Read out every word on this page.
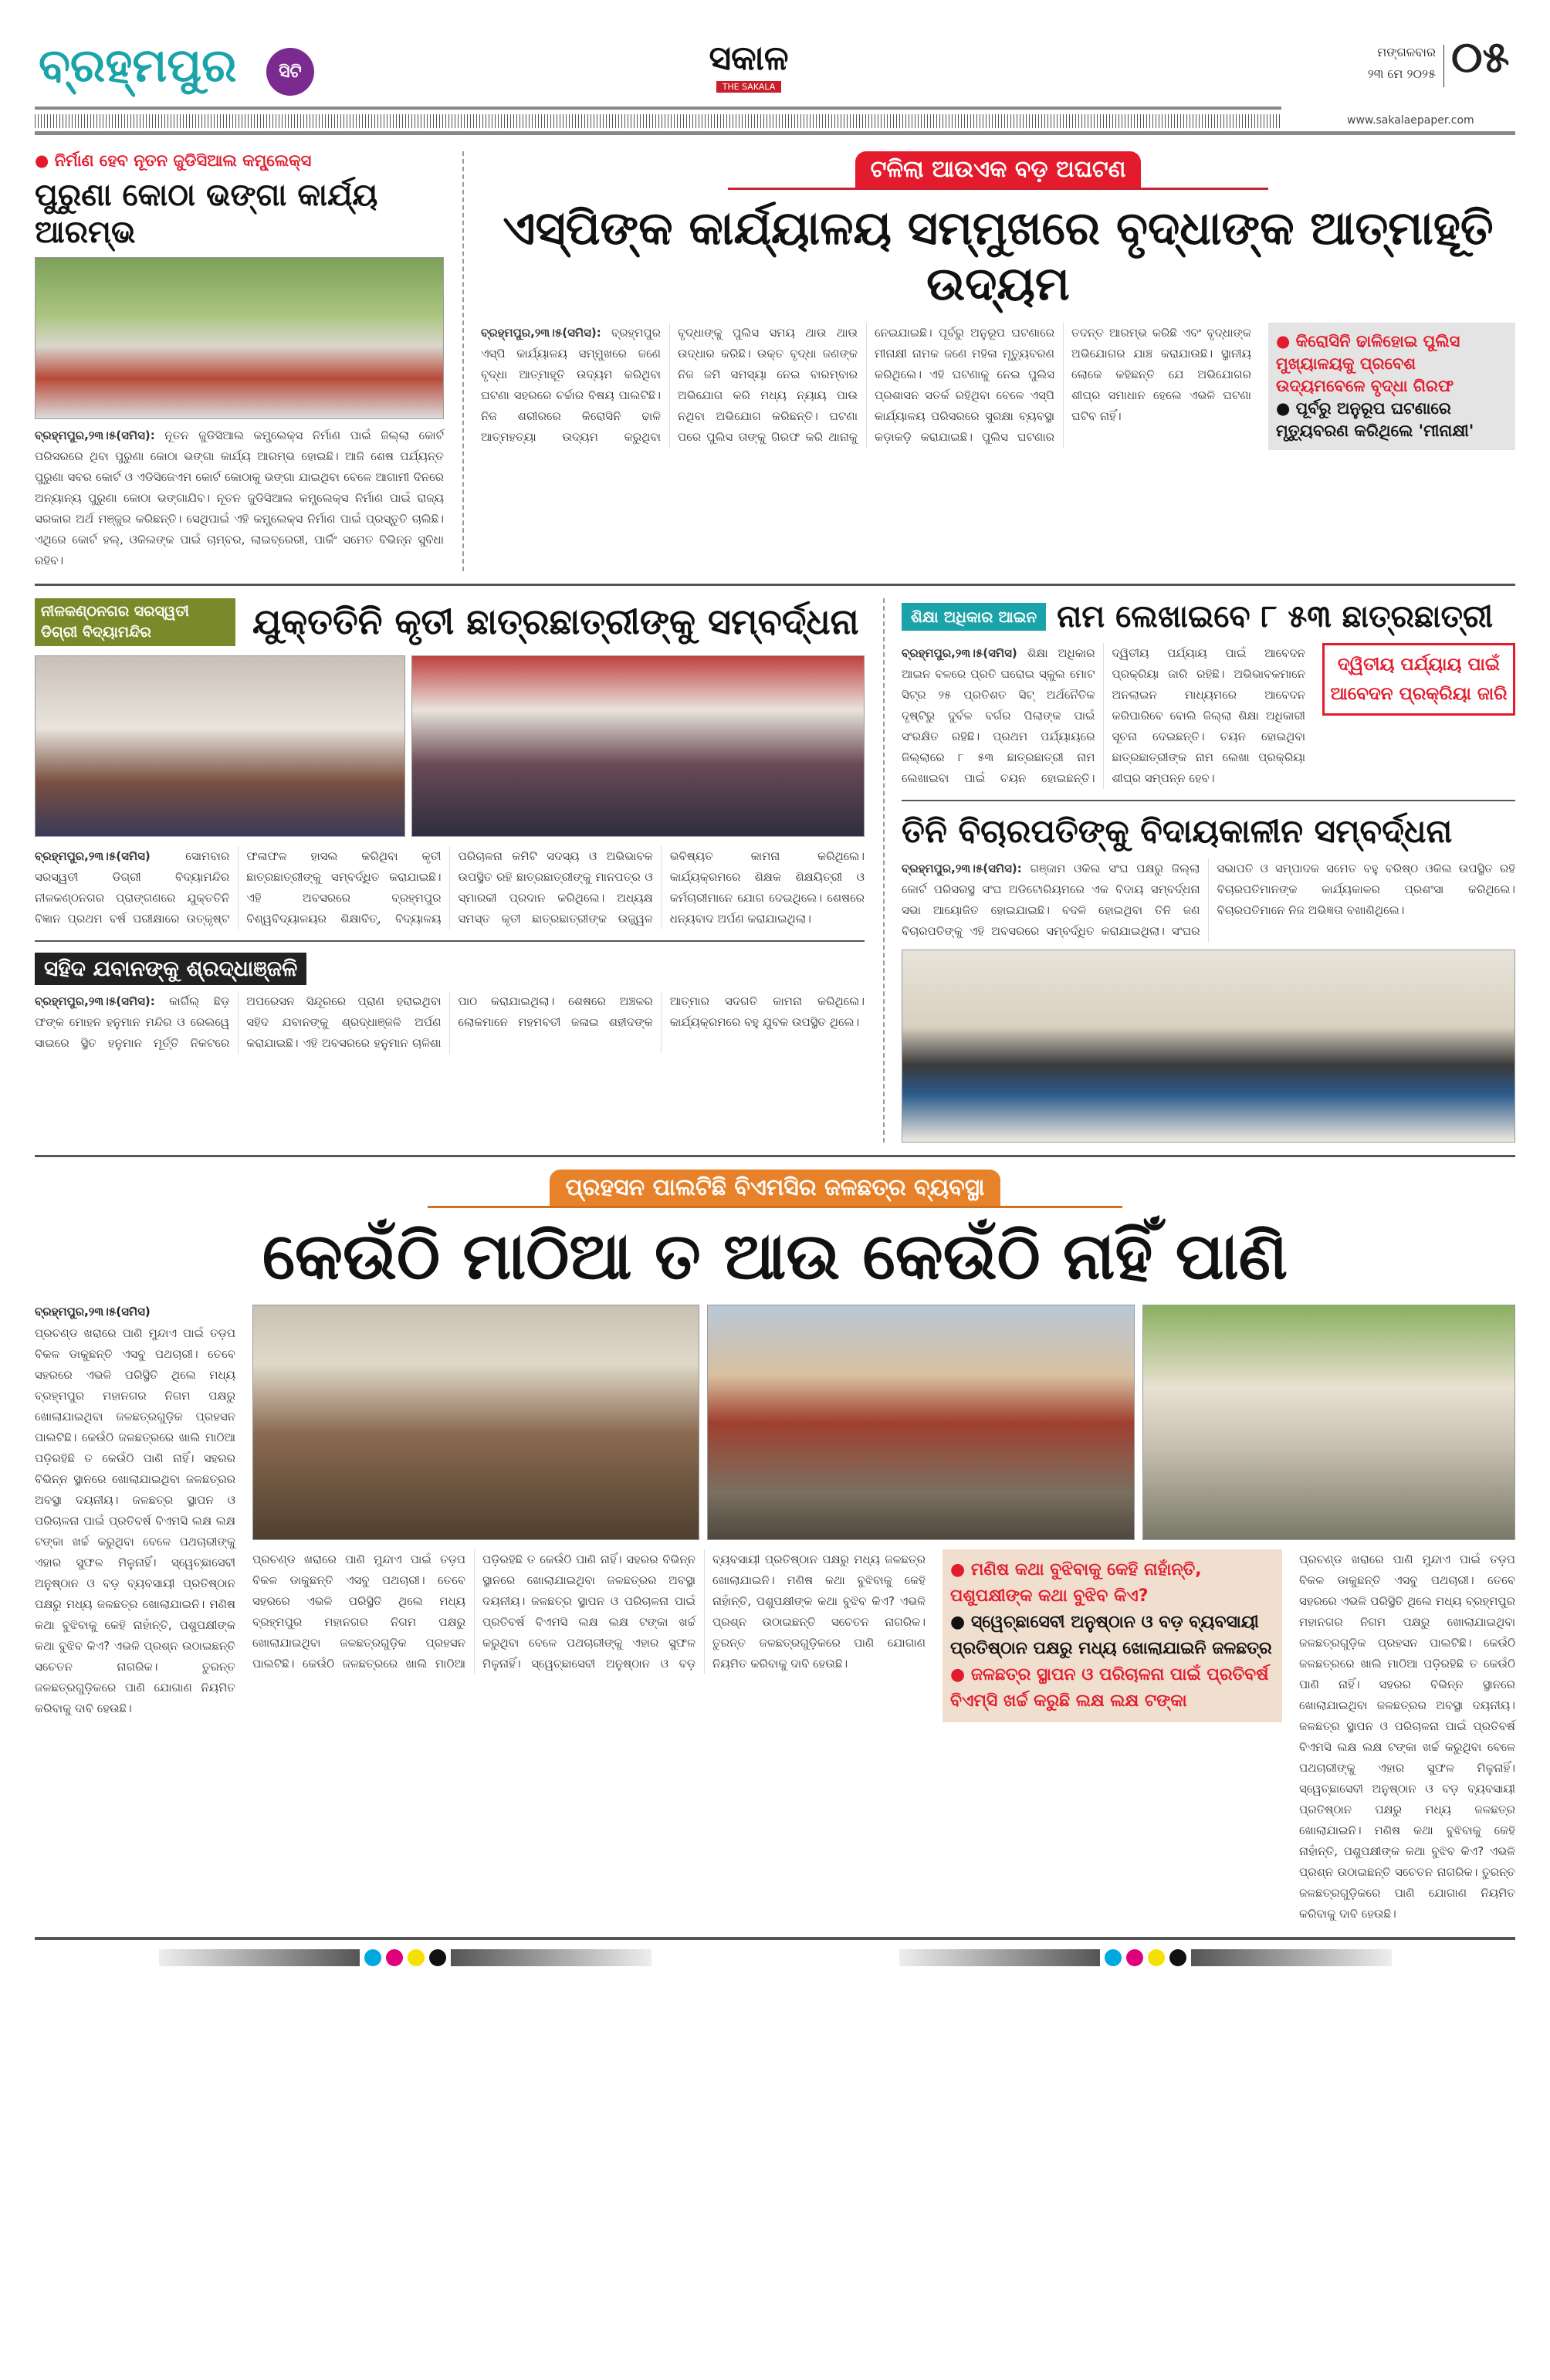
ବ୍ରହ୍ମପୁର	ସିଟି	ସକାଳ
THE SAKALA
ମଙ୍ଗଳବାର
୨୩ ମେ ୨୦୨୫ ୦୫
www.sakalaepaper.com
● ନିର୍ମାଣ ହେବ ନୂତନ ଜୁଡିସିଆଲ କମ୍ପ୍ଲେକ୍ସ
ପୁରୁଣା କୋଠା ଭଙ୍ଗା କାର୍ଯ୍ୟ ଆରମ୍ଭ
ବ୍ରହ୍ମପୁର,୨୩।୫(ସମିସ): ନୂତନ ଜୁଡିସିଆଲ କମ୍ପ୍ଲେକ୍ସ ନିର୍ମାଣ ପାଇଁ ଜିଲ୍ଲା କୋର୍ଟ ପରିସରରେ ଥିବା ପୁରୁଣା କୋଠା ଭଙ୍ଗା କାର୍ଯ୍ୟ ଆରମ୍ଭ ହୋଇଛି। ଆଜି ଶେଷ ପର୍ଯ୍ୟନ୍ତ ପୁରୁଣା ସବର କୋର୍ଟ ଓ ଏଡିସିଜେଏମ କୋର୍ଟ କୋଠାକୁ ଭଙ୍ଗା ଯାଇଥିବା ବେଳେ ଆଗାମୀ ଦିନରେ ଅନ୍ୟାନ୍ୟ ପୁରୁଣା କୋଠା ଭଙ୍ଗାଯିବ। ନୂତନ ଜୁଡିସିଆଲ କମ୍ପ୍ଲେକ୍ସ ନିର୍ମାଣ ପାଇଁ ରାଜ୍ୟ ସରକାର ଅର୍ଥ ମଞ୍ଜୁର କରିଛନ୍ତି। ସେଥିପାଇଁ ଏହି କମ୍ପ୍ଲେକ୍ସ ନିର୍ମାଣ ପାଇଁ ପ୍ରସ୍ତୁତି ଚାଲିଛି। ଏଥିରେ କୋର୍ଟ ହଲ୍‌, ଓକିଲଙ୍କ ପାଇଁ ଚାମ୍ବର, ଲାଇବ୍ରେରୀ, ପାର୍କିଂ ସମେତ ବିଭିନ୍ନ ସୁବିଧା ରହିବ।
ଟଳିଲା ଆଉଏକ ବଡ଼ ଅଘଟଣ
ଏସ୍‌ପିଙ୍କ କାର୍ଯ୍ୟାଳୟ ସମ୍ମୁଖରେ ବୃଦ୍ଧାଙ୍କ ଆତ୍ମାହୂତି ଉଦ୍ୟମ
ବ୍ରହ୍ମପୁର,୨୩।୫(ସମିସ): ବ୍ରହ୍ମପୁର ଏସ୍‌ପି କାର୍ଯ୍ୟାଳୟ ସମ୍ମୁଖରେ ଜଣେ ବୃଦ୍ଧା ଆତ୍ମାହୂତି ଉଦ୍ୟମ କରିଥିବା ଘଟଣା ସହରରେ ଚର୍ଚ୍ଚାର ବିଷୟ ପାଲଟିଛି। ନିଜ ଶରୀରରେ କିରୋସିନି ଢାଳି ଆତ୍ମହତ୍ୟା ଉଦ୍ୟମ କରୁଥିବା ବୃଦ୍ଧାଙ୍କୁ ପୁଲିସ ସମୟ ଥାଉ ଥାଉ ଉଦ୍ଧାର କରିଛି। ଉକ୍ତ ବୃଦ୍ଧା ଜଣଙ୍କ ନିଜ ଜମି ସମସ୍ୟା ନେଇ ବାରମ୍ବାର ଅଭିଯୋଗ କରି ମଧ୍ୟ ନ୍ୟାୟ ପାଉ ନଥିବା ଅଭିଯୋଗ କରିଛନ୍ତି। ଘଟଣା ପରେ ପୁଲିସ ତାଙ୍କୁ ଗିରଫ କରି ଥାନାକୁ ନେଇଯାଇଛି। ପୂର୍ବରୁ ଅନୁରୂପ ଘଟଣାରେ ମୀନାକ୍ଷୀ ନାମକ ଜଣେ ମହିଳା ମୃତ୍ୟୁବରଣ କରିଥିଲେ। ଏହି ଘଟଣାକୁ ନେଇ ପୁଲିସ ପ୍ରଶାସନ ସତର୍କ ରହିଥିବା ବେଳେ ଏସ୍‌ପି କାର୍ଯ୍ୟାଳୟ ପରିସରରେ ସୁରକ୍ଷା ବ୍ୟବସ୍ଥା କଡ଼ାକଡ଼ି କରାଯାଇଛି। ପୁଲିସ ଘଟଣାର ତଦନ୍ତ ଆରମ୍ଭ କରିଛି ଏବଂ ବୃଦ୍ଧାଙ୍କ ଅଭିଯୋଗର ଯାଞ୍ଚ କରାଯାଉଛି। ସ୍ଥାନୀୟ ଲୋକେ କହିଛନ୍ତି ଯେ ଅଭିଯୋଗର ଶୀଘ୍ର ସମାଧାନ ହେଲେ ଏଭଳି ଘଟଣା ଘଟିବ ନାହିଁ।
● କିରୋସିନି ଢାଳିହୋଇ ପୁଲିସ ମୁଖ୍ୟାଳୟକୁ ପ୍ରବେଶ ଉଦ୍ୟମବେଳେ ବୃଦ୍ଧା ଗିରଫ
● ପୂର୍ବରୁ ଅନୁରୂପ ଘଟଣାରେ ମୃତ୍ୟୁବରଣ କରିଥିଲେ 'ମୀନାକ୍ଷୀ'
ନୀଳକଣ୍ଠନଗର ସରସ୍ୱତୀ ଡିଗ୍ରୀ ବିଦ୍ୟାମନ୍ଦିର	ଯୁକ୍ତତିନି କୃତୀ ଛାତ୍ରଛାତ୍ରୀଙ୍କୁ ସମ୍ବର୍ଦ୍ଧନା
ବ୍ରହ୍ମପୁର,୨୩।୫(ସମିସ)	ସୋମବାର ସରସ୍ୱତୀ ଡିଗ୍ରୀ ବିଦ୍ୟାମନ୍ଦିର ନୀଳକଣ୍ଠନଗର ପ୍ରାଙ୍ଗଣରେ ଯୁକ୍ତତିନି ବିଜ୍ଞାନ ପ୍ରଥମ ବର୍ଷ ପରୀକ୍ଷାରେ ଉତ୍କୃଷ୍ଟ ଫଳାଫଳ ହାସଲ କରିଥିବା କୃତୀ ଛାତ୍ରଛାତ୍ରୀଙ୍କୁ ସମ୍ବର୍ଦ୍ଧିତ କରାଯାଇଛି। ଏହି ଅବସରରେ ବ୍ରହ୍ମପୁର ବିଶ୍ୱବିଦ୍ୟାଳୟର ଶିକ୍ଷାବିତ୍‌, ବିଦ୍ୟାଳୟ ପରିଚାଳନା କମିଟି ସଦସ୍ୟ ଓ ଅଭିଭାବକ ଉପସ୍ଥିତ ରହି ଛାତ୍ରଛାତ୍ରୀଙ୍କୁ ମାନପତ୍ର ଓ ସ୍ମାରକୀ ପ୍ରଦାନ କରିଥିଲେ। ଅଧ୍ୟକ୍ଷ ସମସ୍ତ କୃତୀ ଛାତ୍ରଛାତ୍ରୀଙ୍କ ଉଜ୍ଜ୍ୱଳ ଭବିଷ୍ୟତ କାମନା କରିଥିଲେ। କାର୍ଯ୍ୟକ୍ରମରେ ଶିକ୍ଷକ ଶିକ୍ଷୟିତ୍ରୀ ଓ କର୍ମଚାରୀମାନେ ଯୋଗ ଦେଇଥିଲେ। ଶେଷରେ ଧନ୍ୟବାଦ ଅର୍ପଣ କରାଯାଇଥିଲା।
ସହିଦ ଯବାନଙ୍କୁ ଶ୍ରଦ୍ଧାଞ୍ଜଳି
ବ୍ରହ୍ମପୁର,୨୩।୫(ସମିସ): କାର୍ଗିଲ୍‌ ଛିଡ଼ ଫଙ୍କ ମୋହନ ହନୁମାନ ମନ୍ଦିର ଓ ରେଲୱେ ସାଇରେ ସ୍ଥିତ ହନୁମାନ ମୂର୍ତ୍ତି ନିକଟରେ ଅପରେସନ ସିନ୍ଦୂରରେ ପ୍ରାଣ ହରାଇଥିବା ସହିଦ ଯବାନଙ୍କୁ ଶ୍ରଦ୍ଧାଞ୍ଜଳି ଅର୍ପଣ କରାଯାଇଛି। ଏହି ଅବସରରେ ହନୁମାନ ଚାଳିଶା ପାଠ କରାଯାଇଥିଲା। ଶେଷରେ ଅଞ୍ଚଳର ଲୋକମାନେ ମହମବତୀ ଜଳାଇ ଶହୀଦଙ୍କ ଆତ୍ମାର ସଦଗତି କାମନା କରିଥିଲେ। କାର୍ଯ୍ୟକ୍ରମରେ ବହୁ ଯୁବକ ଉପସ୍ଥିତ ଥିଲେ।
ଶିକ୍ଷା ଅଧିକାର ଆଇନ ନାମ ଲେଖାଇବେ ୮ ୫୩ ଛାତ୍ରଛାତ୍ରୀ
ବ୍ରହ୍ମପୁର,୨୩।୫(ସମିସ) ଶିକ୍ଷା ଅଧିକାର ଆଇନ ବଳରେ ପ୍ରତି ଘରୋଇ ସ୍କୁଲ ମୋଟ ସିଟ୍‌ର ୨୫ ପ୍ରତିଶତ ସିଟ୍‌ ଅର୍ଥନୈତିକ ଦୃଷ୍ଟିରୁ ଦୁର୍ବଳ ବର୍ଗର ପିଲାଙ୍କ ପାଇଁ ସଂରକ୍ଷିତ ରହିଛି। ପ୍ରଥମ ପର୍ଯ୍ୟାୟରେ ଜିଲ୍ଲାରେ ୮ ୫୩ ଛାତ୍ରଛାତ୍ରୀ ନାମ ଲେଖାଇବା ପାଇଁ ଚୟନ ହୋଇଛନ୍ତି। ଦ୍ୱିତୀୟ ପର୍ଯ୍ୟାୟ ପାଇଁ ଆବେଦନ ପ୍ରକ୍ରିୟା ଜାରି ରହିଛି। ଅଭିଭାବକମାନେ ଅନଲାଇନ ମାଧ୍ୟମରେ ଆବେଦନ କରିପାରିବେ ବୋଲି ଜିଲ୍ଲା ଶିକ୍ଷା ଅଧିକାରୀ ସୂଚନା ଦେଇଛନ୍ତି। ଚୟନ ହୋଇଥିବା ଛାତ୍ରଛାତ୍ରୀଙ୍କ ନାମ ଲେଖା ପ୍ରକ୍ରିୟା ଶୀଘ୍ର ସମ୍ପନ୍ନ ହେବ।
ଦ୍ୱିତୀୟ ପର୍ଯ୍ୟାୟ ପାଇଁ ଆବେଦନ ପ୍ରକ୍ରିୟା ଜାରି
ତିନି ବିଚାରପତିଙ୍କୁ ବିଦାୟକାଳୀନ ସମ୍ବର୍ଦ୍ଧନା
ବ୍ରହ୍ମପୁର,୨୩।୫(ସମିସ): ଗଞ୍ଜାମ ଓକିଲ ସଂଘ ପକ୍ଷରୁ ଜିଲ୍ଲା କୋର୍ଟ ପରିସରସ୍ଥ ସଂଘ ଅଡିଟୋରିୟମରେ ଏକ ବିଦାୟ ସମ୍ବର୍ଦ୍ଧନା ସଭା ଆୟୋଜିତ ହୋଇଯାଇଛି। ବଦଳି ହୋଇଥିବା ତିନି ଜଣ ବିଚାରପତିଙ୍କୁ ଏହି ଅବସରରେ ସମ୍ବର୍ଦ୍ଧିତ କରାଯାଇଥିଲା। ସଂଘର ସଭାପତି ଓ ସମ୍ପାଦକ ସମେତ ବହୁ ବରିଷ୍ଠ ଓକିଲ ଉପସ୍ଥିତ ରହି ବିଚାରପତିମାନଙ୍କ କାର୍ଯ୍ୟକାଳର ପ୍ରଶଂସା କରିଥିଲେ। ବିଚାରପତିମାନେ ନିଜ ଅଭିଜ୍ଞତା ବଖାଣିଥିଲେ।
ପ୍ରହସନ ପାଲଟିଛି ବିଏମସିର ଜଳଛତ୍ର ବ୍ୟବସ୍ଥା
କେଉଁଠି ମାଠିଆ ତ ଆଉ କେଉଁଠି ନାହିଁ ପାଣି
ବ୍ରହ୍ମପୁର,୨୩।୫(ସମିସ)
ପ୍ରଚଣ୍ଡ ଖରାରେ ପାଣି ମୁନ୍ଦାଏ ପାଇଁ ତଡ଼ପ ବିକଳ ଡାକୁଛନ୍ତି ଏସବୁ ପଥଚାରୀ। ତେବେ ସହରରେ ଏଭଳି ପରିସ୍ଥିତି ଥିଲେ ମଧ୍ୟ ବ୍ରହ୍ମପୁର ମହାନଗର ନିଗମ ପକ୍ଷରୁ ଖୋଲାଯାଇଥିବା ଜଳଛତ୍ରଗୁଡ଼ିକ ପ୍ରହସନ ପାଲଟିଛି। କେଉଁଠି ଜଳଛତ୍ରରେ ଖାଲି ମାଠିଆ ପଡ଼ିରହିଛି ତ କେଉଁଠି ପାଣି ନାହିଁ। ସହରର ବିଭିନ୍ନ ସ୍ଥାନରେ ଖୋଲାଯାଇଥିବା ଜଳଛତ୍ରର ଅବସ୍ଥା ଦୟନୀୟ। ଜଳଛତ୍ର ସ୍ଥାପନ ଓ ପରିଚାଳନା ପାଇଁ ପ୍ରତିବର୍ଷ ବିଏମସି ଲକ୍ଷ ଲକ୍ଷ ଟଙ୍କା ଖର୍ଚ୍ଚ କରୁଥିବା ବେଳେ ପଥଚାରୀଙ୍କୁ ଏହାର ସୁଫଳ ମିଳୁନାହିଁ। ସ୍ୱେଚ୍ଛାସେବୀ ଅନୁଷ୍ଠାନ ଓ ବଡ଼ ବ୍ୟବସାୟୀ ପ୍ରତିଷ୍ଠାନ ପକ୍ଷରୁ ମଧ୍ୟ ଜଳଛତ୍ର ଖୋଲାଯାଇନି। ମଣିଷ କଥା ବୁଝିବାକୁ କେହି ନାହାଁନ୍ତି, ପଶୁପକ୍ଷୀଙ୍କ କଥା ବୁଝିବ କିଏ? ଏଭଳି ପ୍ରଶ୍ନ ଉଠାଇଛନ୍ତି ସଚେତନ ନାଗରିକ। ତୁରନ୍ତ ଜଳଛତ୍ରଗୁଡ଼ିକରେ ପାଣି ଯୋଗାଣ ନିୟମିତ କରିବାକୁ ଦାବି ହେଉଛି।
ପ୍ରଚଣ୍ଡ ଖରାରେ ପାଣି ମୁନ୍ଦାଏ ପାଇଁ ତଡ଼ପ ବିକଳ ଡାକୁଛନ୍ତି ଏସବୁ ପଥଚାରୀ। ତେବେ ସହରରେ ଏଭଳି ପରିସ୍ଥିତି ଥିଲେ ମଧ୍ୟ ବ୍ରହ୍ମପୁର ମହାନଗର ନିଗମ ପକ୍ଷରୁ ଖୋଲାଯାଇଥିବା ଜଳଛତ୍ରଗୁଡ଼ିକ ପ୍ରହସନ ପାଲଟିଛି। କେଉଁଠି ଜଳଛତ୍ରରେ ଖାଲି ମାଠିଆ ପଡ଼ିରହିଛି ତ କେଉଁଠି ପାଣି ନାହିଁ। ସହରର ବିଭିନ୍ନ ସ୍ଥାନରେ ଖୋଲାଯାଇଥିବା ଜଳଛତ୍ରର ଅବସ୍ଥା ଦୟନୀୟ। ଜଳଛତ୍ର ସ୍ଥାପନ ଓ ପରିଚାଳନା ପାଇଁ ପ୍ରତିବର୍ଷ ବିଏମସି ଲକ୍ଷ ଲକ୍ଷ ଟଙ୍କା ଖର୍ଚ୍ଚ କରୁଥିବା ବେଳେ ପଥଚାରୀଙ୍କୁ ଏହାର ସୁଫଳ ମିଳୁନାହିଁ। ସ୍ୱେଚ୍ଛାସେବୀ ଅନୁଷ୍ଠାନ ଓ ବଡ଼ ବ୍ୟବସାୟୀ ପ୍ରତିଷ୍ଠାନ ପକ୍ଷରୁ ମଧ୍ୟ ଜଳଛତ୍ର ଖୋଲାଯାଇନି। ମଣିଷ କଥା ବୁଝିବାକୁ କେହି ନାହାଁନ୍ତି, ପଶୁପକ୍ଷୀଙ୍କ କଥା ବୁଝିବ କିଏ? ଏଭଳି ପ୍ରଶ୍ନ ଉଠାଇଛନ୍ତି ସଚେତନ ନାଗରିକ। ତୁରନ୍ତ ଜଳଛତ୍ରଗୁଡ଼ିକରେ ପାଣି ଯୋଗାଣ ନିୟମିତ କରିବାକୁ ଦାବି ହେଉଛି।
● ମଣିଷ କଥା ବୁଝିବାକୁ କେହି ନାହାଁନ୍ତି, ପଶୁପକ୍ଷୀଙ୍କ କଥା ବୁଝିବ କିଏ?
● ସ୍ୱେଚ୍ଛାସେବୀ ଅନୁଷ୍ଠାନ ଓ ବଡ଼ ବ୍ୟବସାୟୀ ପ୍ରତିଷ୍ଠାନ ପକ୍ଷରୁ ମଧ୍ୟ ଖୋଲାଯାଇନି ଜଳଛତ୍ର
● ଜଳଛତ୍ର ସ୍ଥାପନ ଓ ପରିଚାଳନା ପାଇଁ ପ୍ରତିବର୍ଷ ବିଏମ୍‌ସି ଖର୍ଚ୍ଚ କରୁଛି ଲକ୍ଷ ଲକ୍ଷ ଟଙ୍କା
ପ୍ରଚଣ୍ଡ ଖରାରେ ପାଣି ମୁନ୍ଦାଏ ପାଇଁ ତଡ଼ପ ବିକଳ ଡାକୁଛନ୍ତି ଏସବୁ ପଥଚାରୀ। ତେବେ ସହରରେ ଏଭଳି ପରିସ୍ଥିତି ଥିଲେ ମଧ୍ୟ ବ୍ରହ୍ମପୁର ମହାନଗର ନିଗମ ପକ୍ଷରୁ ଖୋଲାଯାଇଥିବା ଜଳଛତ୍ରଗୁଡ଼ିକ ପ୍ରହସନ ପାଲଟିଛି। କେଉଁଠି ଜଳଛତ୍ରରେ ଖାଲି ମାଠିଆ ପଡ଼ିରହିଛି ତ କେଉଁଠି ପାଣି ନାହିଁ। ସହରର ବିଭିନ୍ନ ସ୍ଥାନରେ ଖୋଲାଯାଇଥିବା ଜଳଛତ୍ରର ଅବସ୍ଥା ଦୟନୀୟ। ଜଳଛତ୍ର ସ୍ଥାପନ ଓ ପରିଚାଳନା ପାଇଁ ପ୍ରତିବର୍ଷ ବିଏମସି ଲକ୍ଷ ଲକ୍ଷ ଟଙ୍କା ଖର୍ଚ୍ଚ କରୁଥିବା ବେଳେ ପଥଚାରୀଙ୍କୁ ଏହାର ସୁଫଳ ମିଳୁନାହିଁ। ସ୍ୱେଚ୍ଛାସେବୀ ଅନୁଷ୍ଠାନ ଓ ବଡ଼ ବ୍ୟବସାୟୀ ପ୍ରତିଷ୍ଠାନ ପକ୍ଷରୁ ମଧ୍ୟ ଜଳଛତ୍ର ଖୋଲାଯାଇନି। ମଣିଷ କଥା ବୁଝିବାକୁ କେହି ନାହାଁନ୍ତି, ପଶୁପକ୍ଷୀଙ୍କ କଥା ବୁଝିବ କିଏ? ଏଭଳି ପ୍ରଶ୍ନ ଉଠାଇଛନ୍ତି ସଚେତନ ନାଗରିକ। ତୁରନ୍ତ ଜଳଛତ୍ରଗୁଡ଼ିକରେ ପାଣି ଯୋଗାଣ ନିୟମିତ କରିବାକୁ ଦାବି ହେଉଛି।
